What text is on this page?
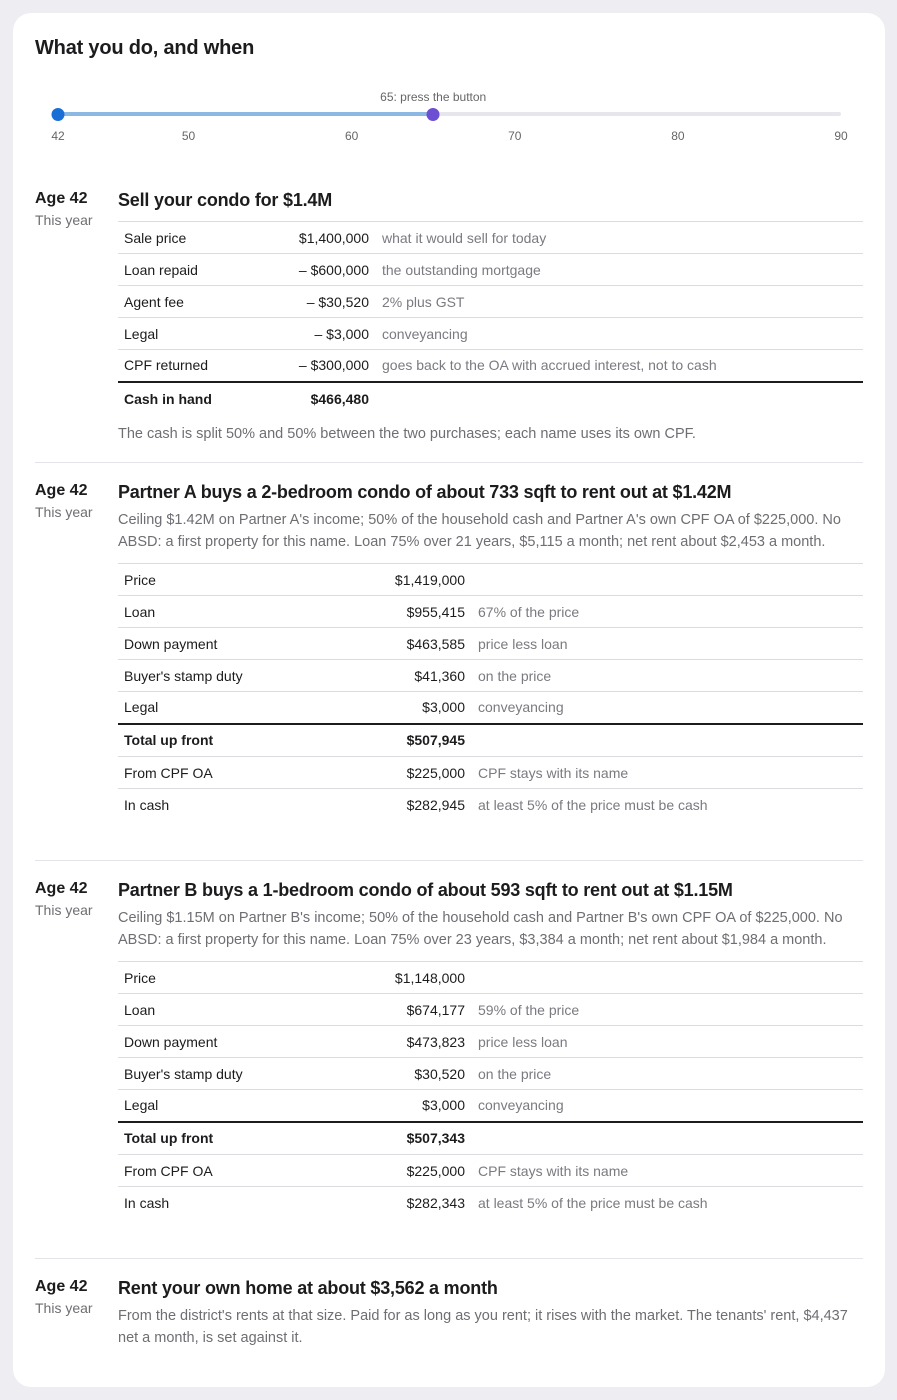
What you do, and when
65: press the button
42	50	60	70	80	90
Age 42
This year
Sell your condo for $1.4M
Sale price	$1,400,000	what it would sell for today
Loan repaid	– $600,000	the outstanding mortgage
Agent fee	– $30,520	2% plus GST
Legal	– $3,000	conveyancing
CPF returned	– $300,000	goes back to the OA with accrued interest, not to cash
Cash in hand	$466,480	
The cash is split 50% and 50% between the two purchases; each name uses its own CPF.
Age 42
This year
Partner A buys a 2-bedroom condo of about 733 sqft to rent out at $1.42M
Ceiling $1.42M on Partner A's income; 50% of the household cash and Partner A's own CPF OA of $225,000. No ABSD: a first property for this name. Loan 75% over 21 years, $5,115 a month; net rent about $2,453 a month.
Price	$1,419,000	
Loan	$955,415	67% of the price
Down payment	$463,585	price less loan
Buyer's stamp duty	$41,360	on the price
Legal	$3,000	conveyancing
Total up front	$507,945	
From CPF OA	$225,000	CPF stays with its name
In cash	$282,945	at least 5% of the price must be cash
Age 42
This year
Partner B buys a 1-bedroom condo of about 593 sqft to rent out at $1.15M
Ceiling $1.15M on Partner B's income; 50% of the household cash and Partner B's own CPF OA of $225,000. No ABSD: a first property for this name. Loan 75% over 23 years, $3,384 a month; net rent about $1,984 a month.
Price	$1,148,000	
Loan	$674,177	59% of the price
Down payment	$473,823	price less loan
Buyer's stamp duty	$30,520	on the price
Legal	$3,000	conveyancing
Total up front	$507,343	
From CPF OA	$225,000	CPF stays with its name
In cash	$282,343	at least 5% of the price must be cash
Age 42
This year
Rent your own home at about $3,562 a month
From the district's rents at that size. Paid for as long as you rent; it rises with the market. The tenants' rent, $4,437 net a month, is set against it.
